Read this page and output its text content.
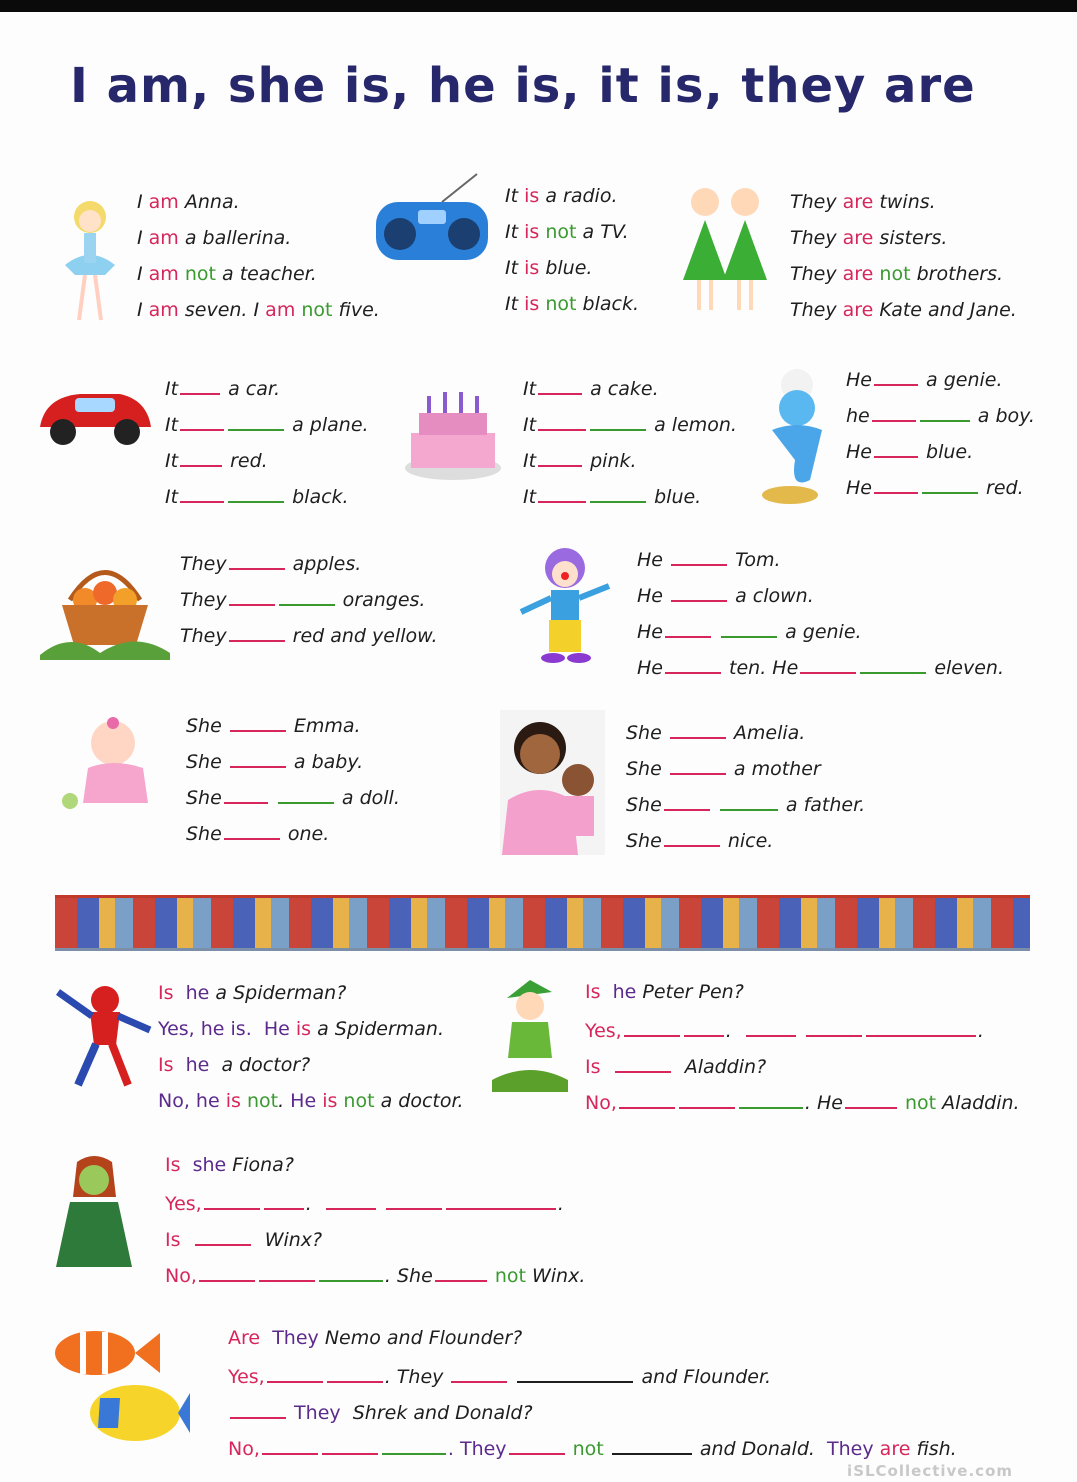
I am, she is, he is, it is, they are
I am Anna.
I am a ballerina.
I am not a teacher.
I am seven. I am not five.
It is a radio.
It is not a TV.
It is blue.
It is not black.
They are twins.
They are sisters.
They are not brothers.
They are Kate and Jane.
It	a car.
It	a plane.
It	red.
It	black.
It	a cake.
It	a lemon.
It	pink.
It	blue.
He	a genie.
he	a boy.
He	blue.
He	red.
They	apples.
They	oranges.
They	red and yellow.
He	Tom.
He	a clown.
He	a genie.
He	ten. He	eleven.
She	Emma.
She	a baby.
She	a doll.
She	one.
She	Amelia.
She	a mother
She	a father.
She	nice.
Is he a Spiderman?
Yes, he is. He is a Spiderman.
Is he a doctor?
No, he is not. He is not a doctor.
Is he Peter Pen?
Yes,	.	.
Is	Aladdin?
No,	. He	not Aladdin.
Is she Fiona?
Yes,	.	.
Is	Winx?
No,	. She	not Winx.
Are They Nemo and Flounder?
Yes,	. They	and Flounder.
They Shrek and Donald?
No,	. They	not	and Donald. They are fish.
iSLCollective.com
